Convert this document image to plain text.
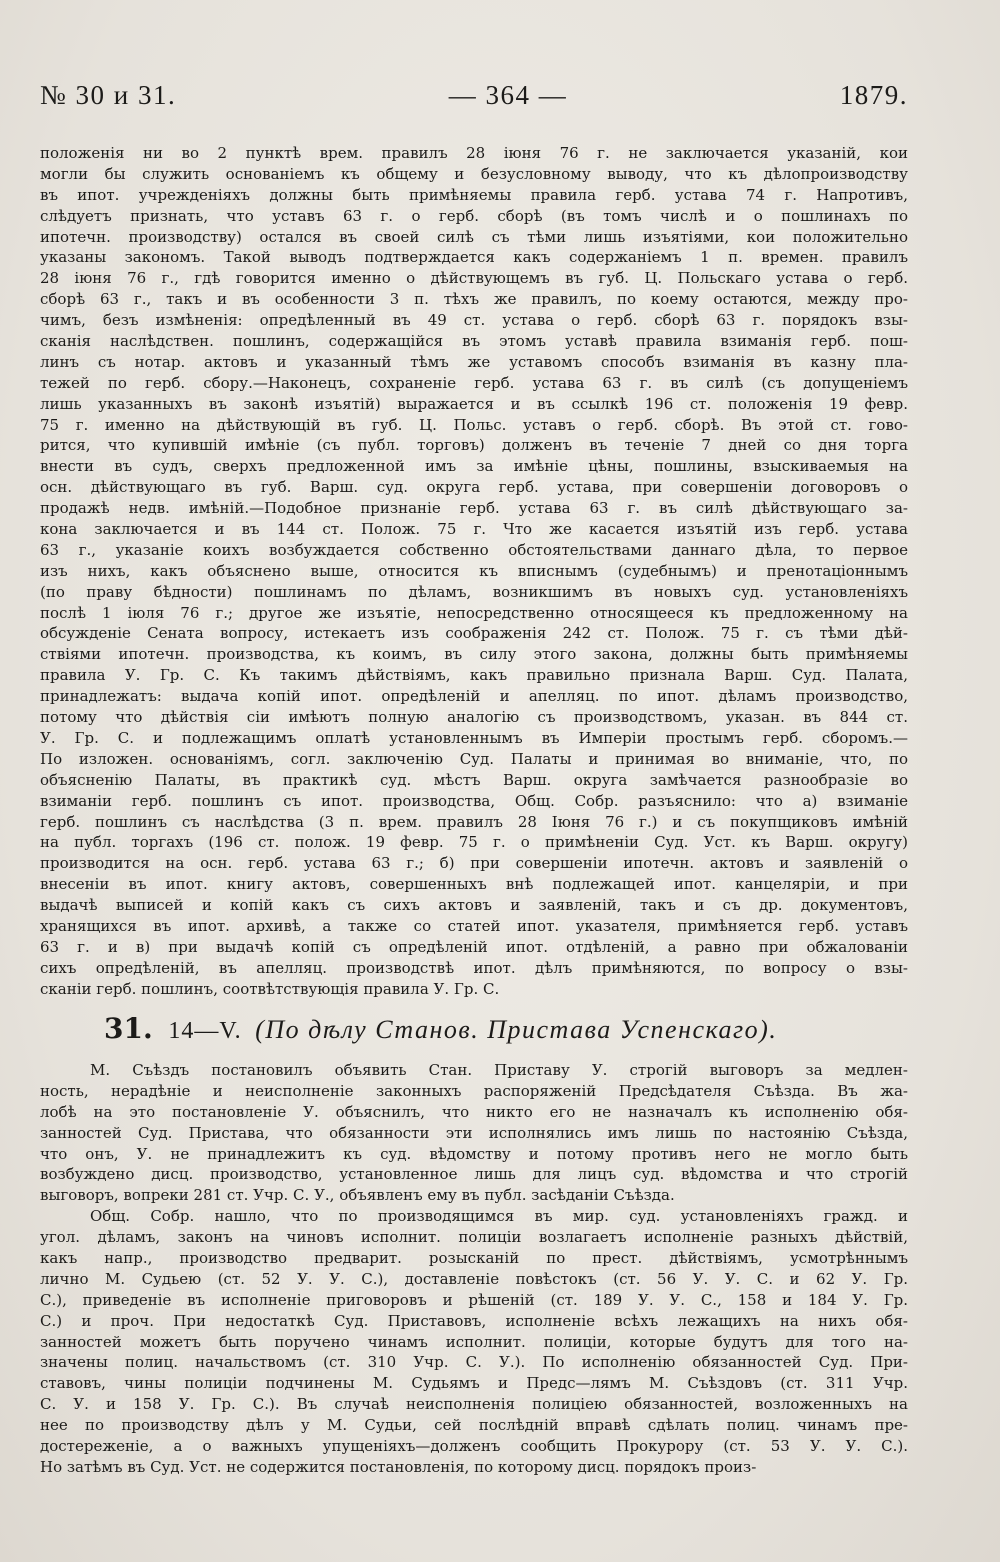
№ 30 и 31.	— 364 —	1879.
положенія ни во 2 пунктѣ врем. правилъ 28 іюня 76 г. не заключается указаній, кои
могли бы служить основаніемъ къ общему и безусловному выводу, что къ дѣлопроизводству
въ ипот. учрежденіяхъ должны быть примѣняемы правила герб. устава 74 г. Напротивъ,
слѣдуетъ признать, что уставъ 63 г. о герб. сборѣ (въ томъ числѣ и о пошлинахъ по
ипотечн. производству) остался въ своей силѣ съ тѣми лишь изъятіями, кои положительно
указаны закономъ. Такой выводъ подтверждается какъ содержаніемъ 1 п. времен. правилъ
28 іюня 76 г., гдѣ говорится именно о дѣйствующемъ въ губ. Ц. Польскаго устава о герб.
сборѣ 63 г., такъ и въ особенности 3 п. тѣхъ же правилъ, по коему остаются, между про-
чимъ, безъ измѣненія: опредѣленный въ 49 ст. устава о герб. сборѣ 63 г. порядокъ взы-
сканія наслѣдствен. пошлинъ, содержащійся въ этомъ уставѣ правила взиманія герб. пош-
линъ съ нотар. актовъ и указанный тѣмъ же уставомъ способъ взиманія въ казну пла-
тежей по герб. сбору.—Наконецъ, сохраненіе герб. устава 63 г. въ силѣ (съ допущеніемъ
лишь указанныхъ въ законѣ изъятій) выражается и въ ссылкѣ 196 ст. положенія 19 февр.
75 г. именно на дѣйствующій въ губ. Ц. Польс. уставъ о герб. сборѣ. Въ этой ст. гово-
рится, что купившій имѣніе (съ публ. торговъ) долженъ въ теченіе 7 дней со дня торга
внести въ судъ, сверхъ предложенной имъ за имѣніе цѣны, пошлины, взыскиваемыя на
осн. дѣйствующаго въ губ. Варш. суд. округа герб. устава, при совершеніи договоровъ о
продажѣ недв. имѣній.—Подобное признаніе герб. устава 63 г. въ силѣ дѣйствующаго за-
кона заключается и въ 144 ст. Полож. 75 г. Что же касается изъятій изъ герб. устава
63 г., указаніе коихъ возбуждается собственно обстоятельствами даннаго дѣла, то первое
изъ нихъ, какъ объяснено выше, относится къ вписнымъ (судебнымъ) и пренотаціоннымъ
(по праву бѣдности) пошлинамъ по дѣламъ, возникшимъ въ новыхъ суд. установленіяхъ
послѣ 1 іюля 76 г.; другое же изъятіе, непосредственно относящееся къ предложенному на
обсужденіе Сената вопросу, истекаетъ изъ соображенія 242 ст. Полож. 75 г. съ тѣми дѣй-
ствіями ипотечн. производства, къ коимъ, въ силу этого закона, должны быть примѣняемы
правила У. Гр. С. Къ такимъ дѣйствіямъ, какъ правильно признала Варш. Суд. Палата,
принадлежатъ: выдача копій ипот. опредѣленій и апелляц. по ипот. дѣламъ производство,
потому что дѣйствія сіи имѣютъ полную аналогію съ производствомъ, указан. въ 844 ст.
У. Гр. С. и подлежащимъ оплатѣ установленнымъ въ Имперіи простымъ герб. сборомъ.—
По изложен. основаніямъ, согл. заключенію Суд. Палаты и принимая во вниманіе, что, по
объясненію Палаты, въ практикѣ суд. мѣстъ Варш. округа замѣчается разнообразіе во
взиманіи герб. пошлинъ съ ипот. производства, Общ. Собр. разъяснило: что а) взиманіе
герб. пошлинъ съ наслѣдства (3 п. врем. правилъ 28 Іюня 76 г.) и съ покупщиковъ имѣній
на публ. торгахъ (196 ст. полож. 19 февр. 75 г. о примѣненіи Суд. Уст. къ Варш. округу)
производится на осн. герб. устава 63 г.; б) при совершеніи ипотечн. актовъ и заявленій о
внесеніи въ ипот. книгу актовъ, совершенныхъ внѣ подлежащей ипот. канцеляріи, и при
выдачѣ выписей и копій какъ съ сихъ актовъ и заявленій, такъ и съ др. документовъ,
хранящихся въ ипот. архивѣ, а также со статей ипот. указателя, примѣняется герб. уставъ
63 г. и в) при выдачѣ копій съ опредѣленій ипот. отдѣленій, а равно при обжалованіи
сихъ опредѣленій, въ апелляц. производствѣ ипот. дѣлъ примѣняются, по вопросу о взы-
сканіи герб. пошлинъ, соотвѣтствующія правила У. Гр. С.
31. 14—V. (По дѣлу Станов. Пристава Успенскаго).
М. Съѣздъ постановилъ объявить Стан. Приставу У. строгій выговоръ за медлен-
ность, нерадѣніе и неисполненіе законныхъ распоряженій Предсѣдателя Съѣзда. Въ жа-
лобѣ на это постановленіе У. объяснилъ, что никто его не назначалъ къ исполненію обя-
занностей Суд. Пристава, что обязанности эти исполнялись имъ лишь по настоянію Съѣзда,
что онъ, У. не принадлежитъ къ суд. вѣдомству и потому противъ него не могло быть
возбуждено дисц. производство, установленное лишь для лицъ суд. вѣдомства и что строгій
выговоръ, вопреки 281 ст. Учр. С. У., объявленъ ему въ публ. засѣданіи Съѣзда.
Общ. Собр. нашло, что по производящимся въ мир. суд. установленіяхъ гражд. и
угол. дѣламъ, законъ на чиновъ исполнит. полиціи возлагаетъ исполненіе разныхъ дѣйствій,
какъ напр., производство предварит. розысканій по прест. дѣйствіямъ, усмотрѣннымъ
лично М. Судьею (ст. 52 У. У. С.), доставленіе повѣстокъ (ст. 56 У. У. С. и 62 У. Гр.
С.), приведеніе въ исполненіе приговоровъ и рѣшеній (ст. 189 У. У. С., 158 и 184 У. Гр.
С.) и проч. При недостаткѣ Суд. Приставовъ, исполненіе всѣхъ лежащихъ на нихъ обя-
занностей можетъ быть поручено чинамъ исполнит. полиціи, которые будутъ для того на-
значены полиц. начальствомъ (ст. 310 Учр. С. У.). По исполненію обязанностей Суд. При-
ставовъ, чины полиціи подчинены М. Судьямъ и Предс—лямъ М. Съѣздовъ (ст. 311 Учр.
С. У. и 158 У. Гр. С.). Въ случаѣ неисполненія полиціею обязанностей, возложенныхъ на
нее по производству дѣлъ у М. Судьи, сей послѣдній вправѣ сдѣлать полиц. чинамъ пре-
достереженіе, а о важныхъ упущеніяхъ—долженъ сообщить Прокурору (ст. 53 У. У. С.).
Но затѣмъ въ Суд. Уст. не содержится постановленія, по которому дисц. порядокъ произ-
